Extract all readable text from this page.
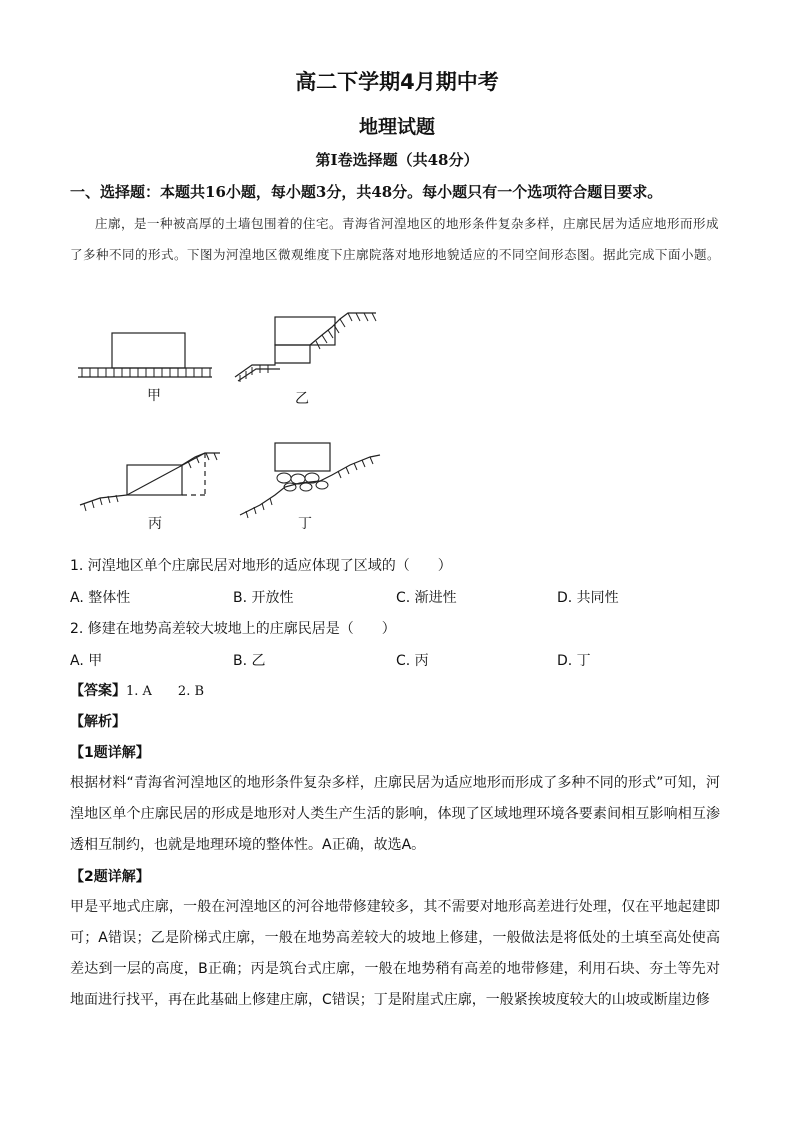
高二下学期4月期中考
地理试题
第Ⅰ卷选择题（共48分）
一、选择题：本题共16小题，每小题3分，共48分。每小题只有一个选项符合题目要求。
庄廓，是一种被高厚的土墙包围着的住宅。青海省河湟地区的地形条件复杂多样，庄廓民居为适应地形而形成了多种不同的形式。下图为河湟地区微观维度下庄廓院落对地形地貌适应的不同空间形态图。据此完成下面小题。
甲	乙
丙	丁
1. 河湟地区单个庄廓民居对地形的适应体现了区域的（　　）
A. 整体性	B. 开放性	C. 渐进性	D. 共同性
2. 修建在地势高差较大坡地上的庄廓民居是（　　）
A. 甲	B. 乙	C. 丙	D. 丁
【答案】1. A　　2. B
【解析】
【1题详解】
根据材料“青海省河湟地区的地形条件复杂多样，庄廓民居为适应地形而形成了多种不同的形式”可知，河湟地区单个庄廓民居的形成是地形对人类生产生活的影响，体现了区域地理环境各要素间相互影响相互渗透相互制约，也就是地理环境的整体性。A正确，故选A。
【2题详解】
甲是平地式庄廓，一般在河湟地区的河谷地带修建较多，其不需要对地形高差进行处理，仅在平地起建即可；A错误；乙是阶梯式庄廓，一般在地势高差较大的坡地上修建，一般做法是将低处的土填至高处使高差达到一层的高度，B正确；丙是筑台式庄廓，一般在地势稍有高差的地带修建，利用石块、夯土等先对地面进行找平，再在此基础上修建庄廓，C错误；丁是附崖式庄廓，一般紧挨坡度较大的山坡或断崖边修
